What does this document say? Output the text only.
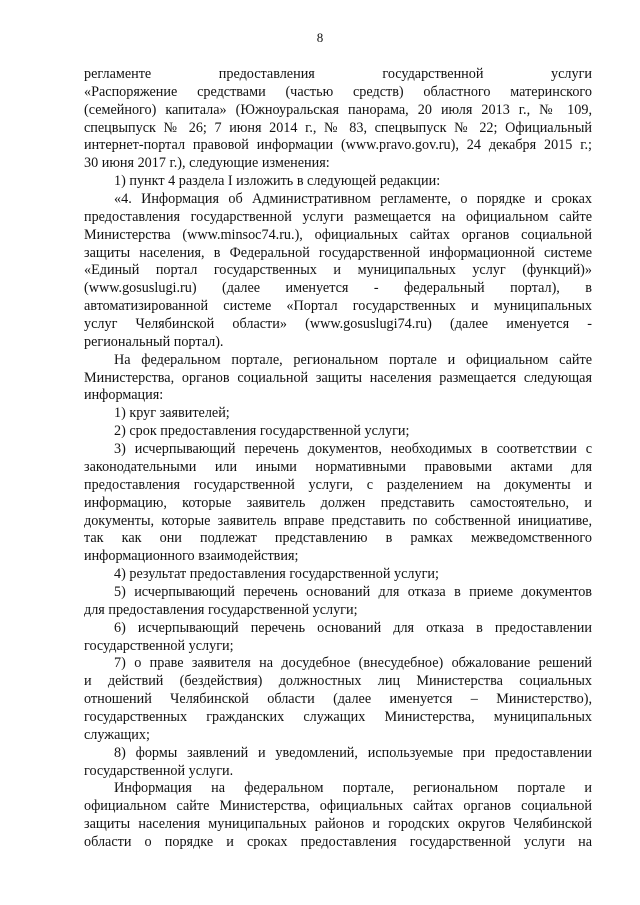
8
регламенте предоставления государственной услуги
«Распоряжение средствами (частью средств) областного материнского
(семейного) капитала» (Южноуральская панорама, 20 июля 2013 г., № 109,
спецвыпуск № 26; 7 июня 2014 г., № 83, спецвыпуск № 22; Официальный
интернет-портал правовой информации (www.pravo.gov.ru), 24 декабря 2015 г.;
30 июня 2017 г.), следующие изменения:
1) пункт 4 раздела I изложить в следующей редакции:
«4. Информация об Административном регламенте, о порядке и сроках
предоставления государственной услуги размещается на официальном сайте
Министерства (www.minsoc74.ru.), официальных сайтах органов социальной
защиты населения, в Федеральной государственной информационной системе
«Единый портал государственных и муниципальных услуг (функций)»
(www.gosuslugi.ru) (далее именуется - федеральный портал), в
автоматизированной системе «Портал государственных и муниципальных
услуг Челябинской области» (www.gosuslugi74.ru) (далее именуется -
региональный портал).
На федеральном портале, региональном портале и официальном сайте
Министерства, органов социальной защиты населения размещается следующая
информация:
1) круг заявителей;
2) срок предоставления государственной услуги;
3) исчерпывающий перечень документов, необходимых в соответствии с
законодательными или иными нормативными правовыми актами для
предоставления государственной услуги, с разделением на документы и
информацию, которые заявитель должен представить самостоятельно, и
документы, которые заявитель вправе представить по собственной инициативе,
так как они подлежат представлению в рамках межведомственного
информационного взаимодействия;
4) результат предоставления государственной услуги;
5) исчерпывающий перечень оснований для отказа в приеме документов
для предоставления государственной услуги;
6) исчерпывающий перечень оснований для отказа в предоставлении
государственной услуги;
7) о праве заявителя на досудебное (внесудебное) обжалование решений
и действий (бездействия) должностных лиц Министерства социальных
отношений Челябинской области (далее именуется – Министерство),
государственных гражданских служащих Министерства, муниципальных
служащих;
8) формы заявлений и уведомлений, используемые при предоставлении
государственной услуги.
Информация на федеральном портале, региональном портале и
официальном сайте Министерства, официальных сайтах органов социальной
защиты населения муниципальных районов и городских округов Челябинской
области о порядке и сроках предоставления государственной услуги на
